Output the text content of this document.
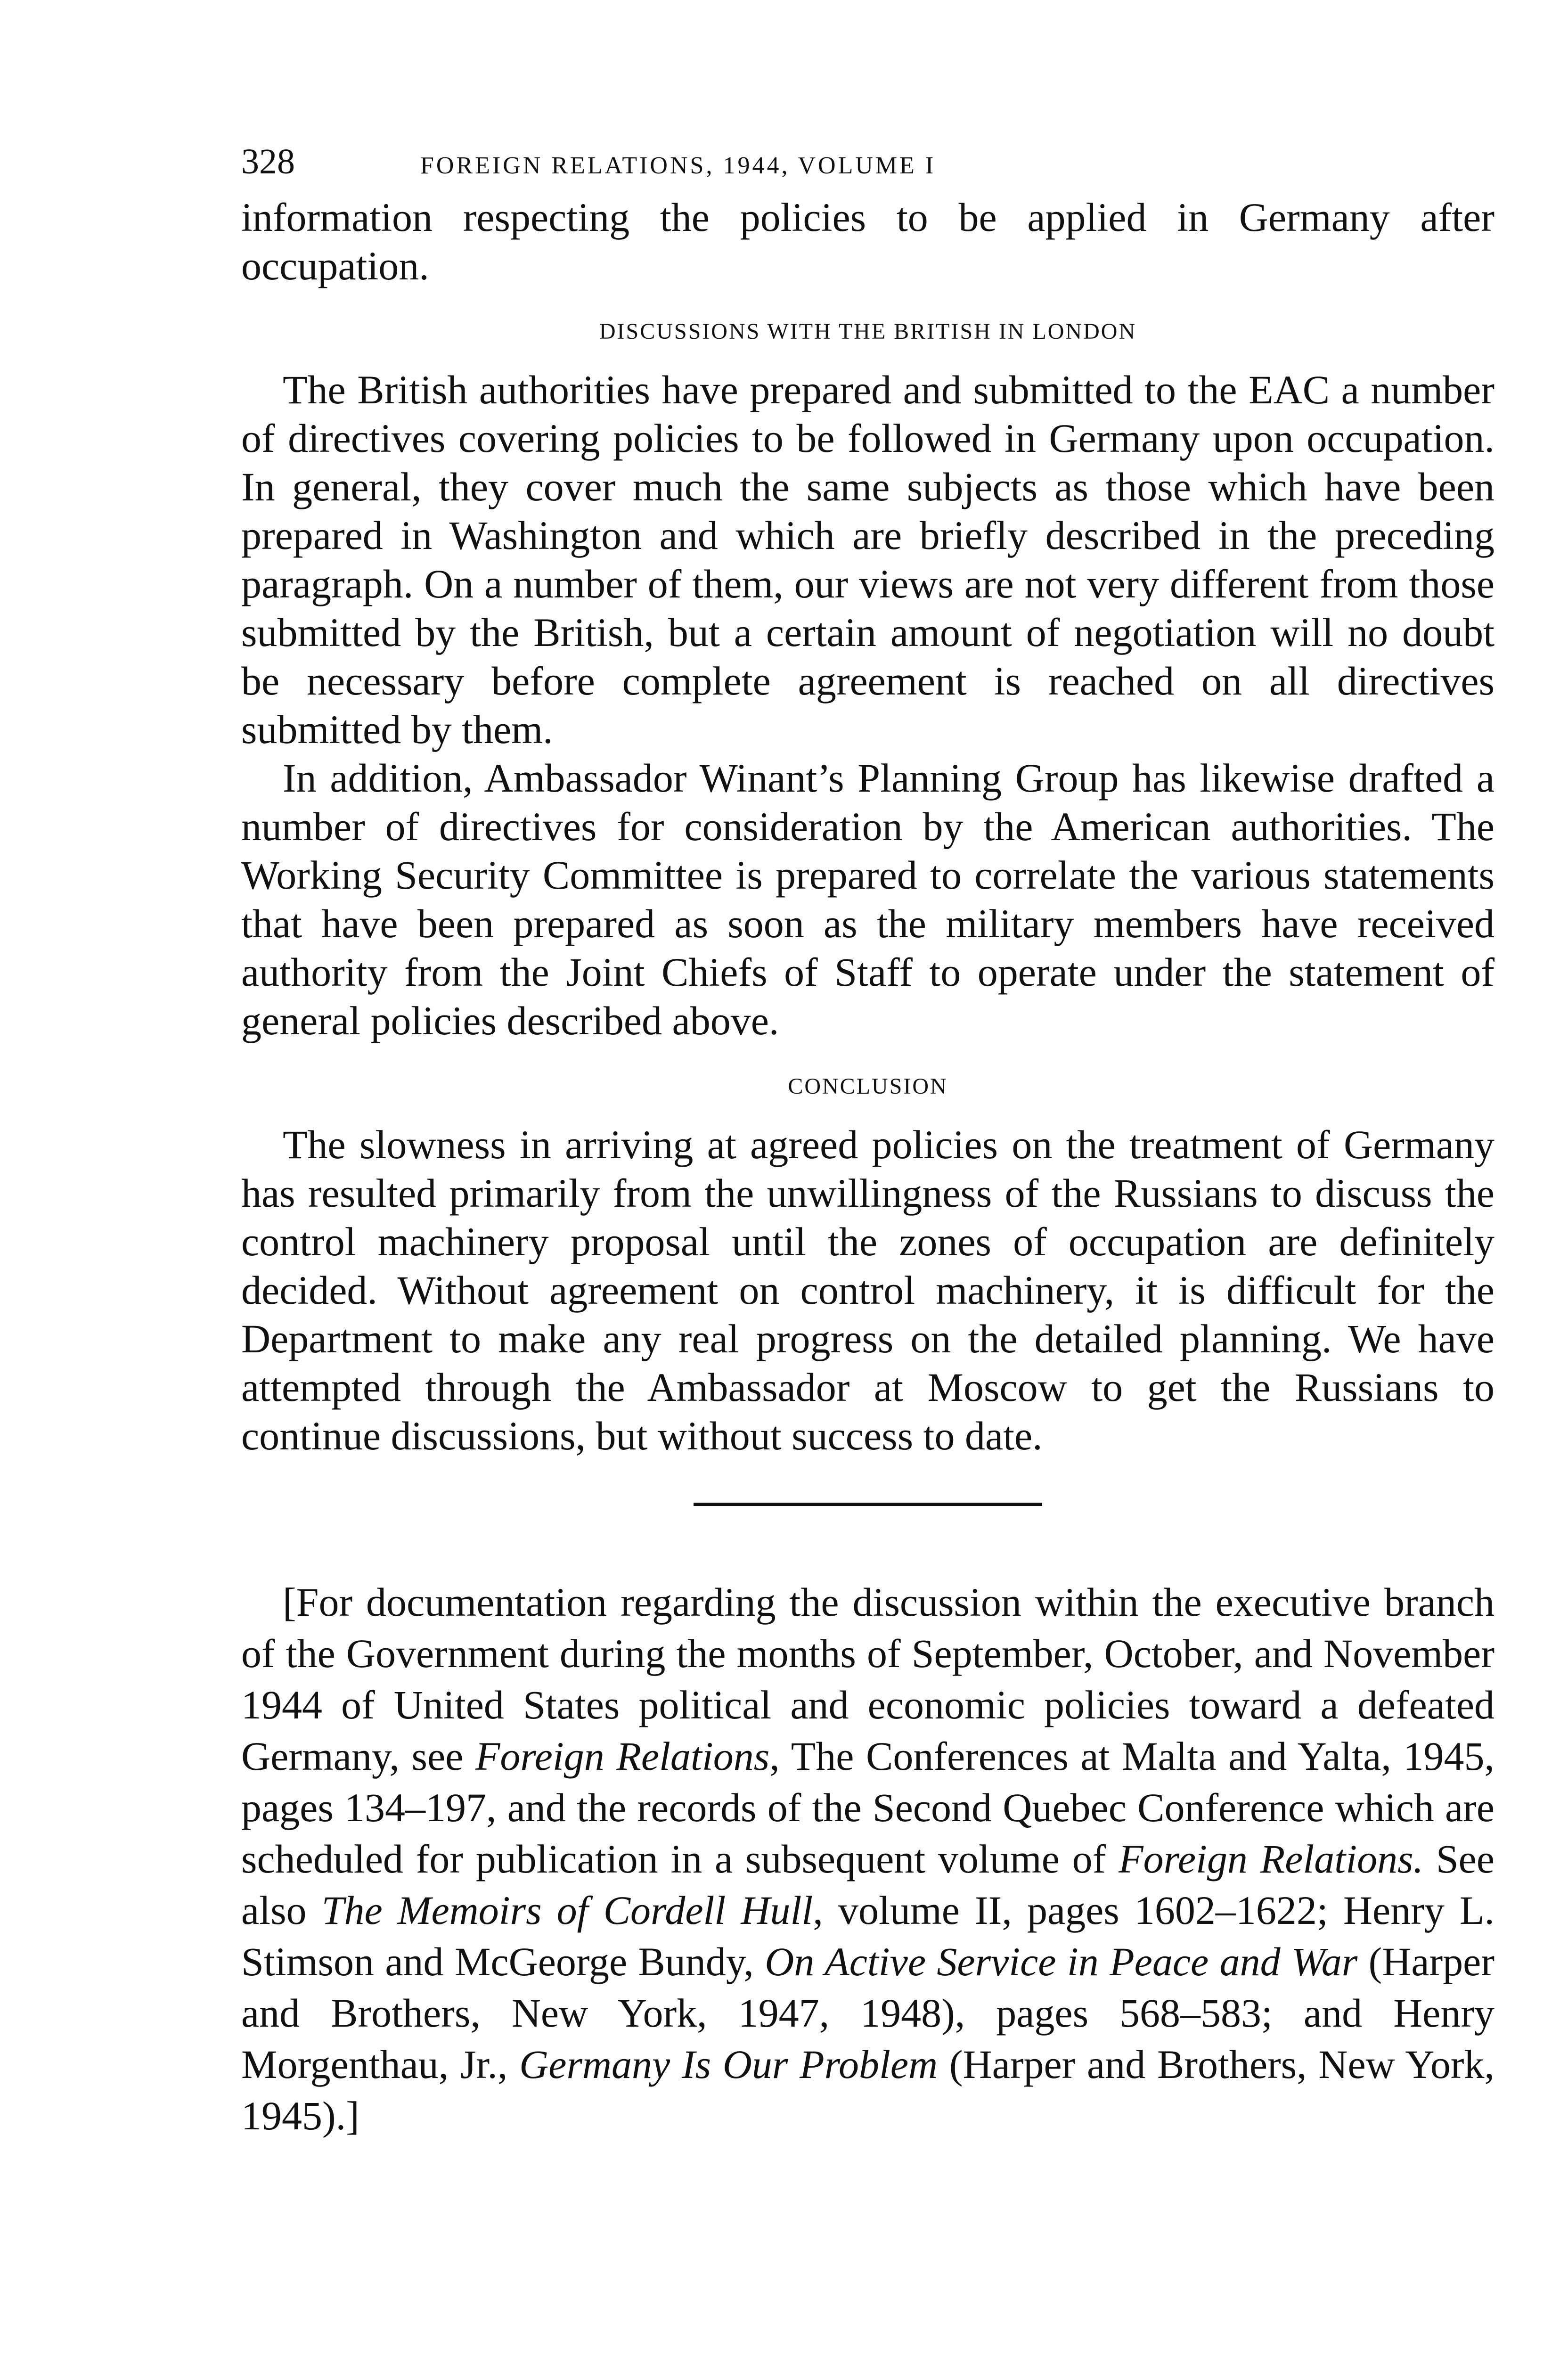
328	FOREIGN RELATIONS, 1944, VOLUME I

information respecting the policies to be applied in Germany after occupation.

DISCUSSIONS WITH THE BRITISH IN LONDON

The British authorities have prepared and submitted to the EAC a number of directives covering policies to be followed in Germany upon occupation. In general, they cover much the same subjects as those which have been prepared in Washington and which are briefly described in the preceding paragraph. On a number of them, our views are not very different from those submitted by the British, but a certain amount of negotiation will no doubt be necessary before complete agreement is reached on all directives submitted by them.

In addition, Ambassador Winant’s Planning Group has likewise drafted a number of directives for consideration by the American authorities. The Working Security Committee is prepared to correlate the various statements that have been prepared as soon as the military members have received authority from the Joint Chiefs of Staff to operate under the statement of general policies described above.

CONCLUSION

The slowness in arriving at agreed policies on the treatment of Germany has resulted primarily from the unwillingness of the Russians to discuss the control machinery proposal until the zones of occupation are definitely decided. Without agreement on control machinery, it is difficult for the Department to make any real progress on the detailed planning. We have attempted through the Ambassador at Moscow to get the Russians to continue discussions, but without success to date.

[For documentation regarding the discussion within the executive branch of the Government during the months of September, October, and November 1944 of United States political and economic policies toward a defeated Germany, see Foreign Relations, The Conferences at Malta and Yalta, 1945, pages 134–197, and the records of the Second Quebec Conference which are scheduled for publication in a subsequent volume of Foreign Relations. See also The Memoirs of Cordell Hull, volume II, pages 1602–1622; Henry L. Stimson and McGeorge Bundy, On Active Service in Peace and War (Harper and Brothers, New York, 1947, 1948), pages 568–583; and Henry Morgenthau, Jr., Germany Is Our Problem (Harper and Brothers, New York, 1945).]
